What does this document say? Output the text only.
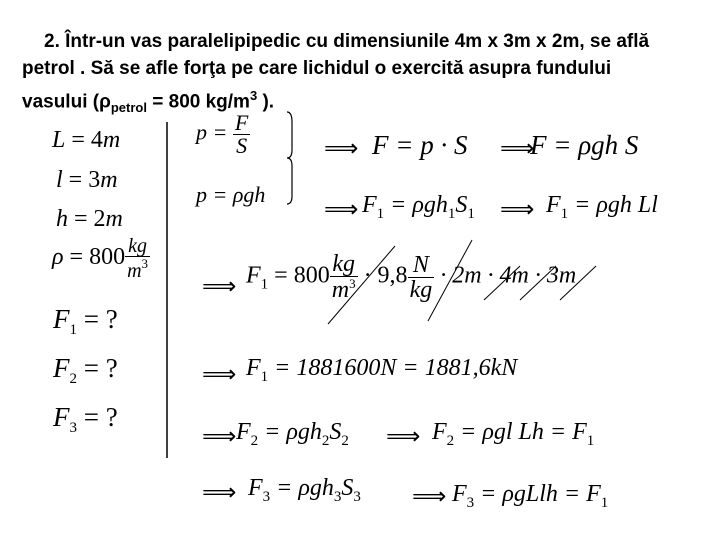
2. Într-un vas paralelipipedic cu dimensiunile 4m x 3m x 2m, se află
petrol . Să se afle forţa pe care lichidul o exercită asupra fundului
vasului ($\rho_{petrol} = 800$ $kg/m^3$ ).
L = 4m
l = 3m
h = 2m
$\rho = 800 \frac{kg}{m^3}$
$F_1$ = ?
$F_2$ = ?
$F_3$ = ?
$p = \frac{F}{S}$
p = ρgh
⟹ F = p · S ⟹
F = ρgh S
⟹ $F_1 = \rho gh_1S_1$ ⟹ $F_1 = \rho gh$ Ll
⟹ $F_1 = 800 \frac{kg}{m^3} \cdot 9,8 \frac{N}{kg} \cdot 2m \cdot 4m \cdot 3m$
⟹ $F_1 = 1881600N = 1881,6kN$
⟹ $F_2 = \rho gh_2S_2$ ⟹ $F_2 = \rho gl$ $Lh = F_1$
⟹ $F_3 = \rho gh_3S_3$ ⟹ $F_3$ = ρgLlh = $F_1$
